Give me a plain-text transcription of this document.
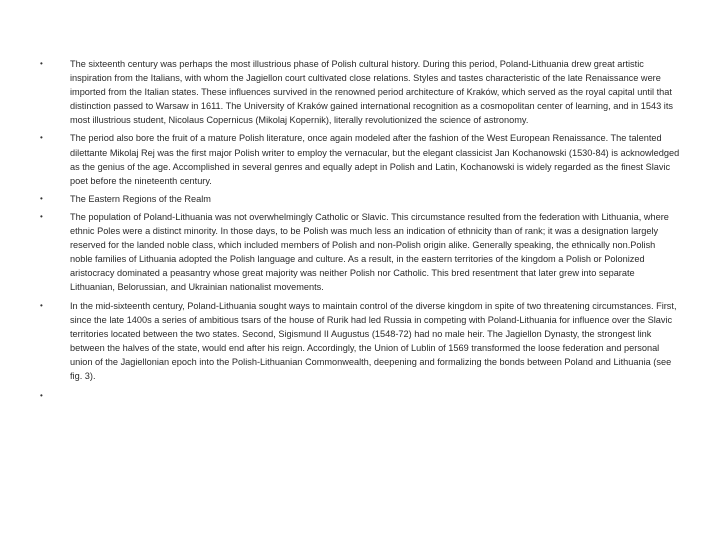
•	The sixteenth century was perhaps the most illustrious phase of Polish cultural history. During this period, Poland-Lithuania drew great artistic inspiration from the Italians, with whom the Jagiellon court cultivated close relations. Styles and tastes characteristic of the late Renaissance were imported from the Italian states. These influences survived in the renowned period architecture of Kraków, which served as the royal capital until that distinction passed to Warsaw in 1611. The University of Kraków gained international recognition as a cosmopolitan center of learning, and in 1543 its most illustrious student, Nicolaus Copernicus (Mikolaj Kopernik), literally revolutionized the science of astronomy.
•	The period also bore the fruit of a mature Polish literature, once again modeled after the fashion of the West European Renaissance. The talented dilettante Mikolaj Rej was the first major Polish writer to employ the vernacular, but the elegant classicist Jan Kochanowski (1530-84) is acknowledged as the genius of the age. Accomplished in several genres and equally adept in Polish and Latin, Kochanowski is widely regarded as the finest Slavic poet before the nineteenth century.
•	The Eastern Regions of the Realm
•	The population of Poland-Lithuania was not overwhelmingly Catholic or Slavic. This circumstance resulted from the federation with Lithuania, where ethnic Poles were a distinct minority. In those days, to be Polish was much less an indication of ethnicity than of rank; it was a designation largely reserved for the landed noble class, which included members of Polish and non-Polish origin alike. Generally speaking, the ethnically non.Polish noble families of Lithuania adopted the Polish language and culture. As a result, in the eastern territories of the kingdom a Polish or Polonized aristocracy dominated a peasantry whose great majority was neither Polish nor Catholic. This bred resentment that later grew into separate Lithuanian, Belorussian, and Ukrainian nationalist movements.
•	In the mid-sixteenth century, Poland-Lithuania sought ways to maintain control of the diverse kingdom in spite of two threatening circumstances. First, since the late 1400s a series of ambitious tsars of the house of Rurik had led Russia in competing with Poland-Lithuania for influence over the Slavic territories located between the two states. Second, Sigismund II Augustus (1548-72) had no male heir. The Jagiellon Dynasty, the strongest link between the halves of the state, would end after his reign. Accordingly, the Union of Lublin of 1569 transformed the loose federation and personal union of the Jagiellonian epoch into the Polish-Lithuanian Commonwealth, deepening and formalizing the bonds between Poland and Lithuania (see fig. 3).
•
